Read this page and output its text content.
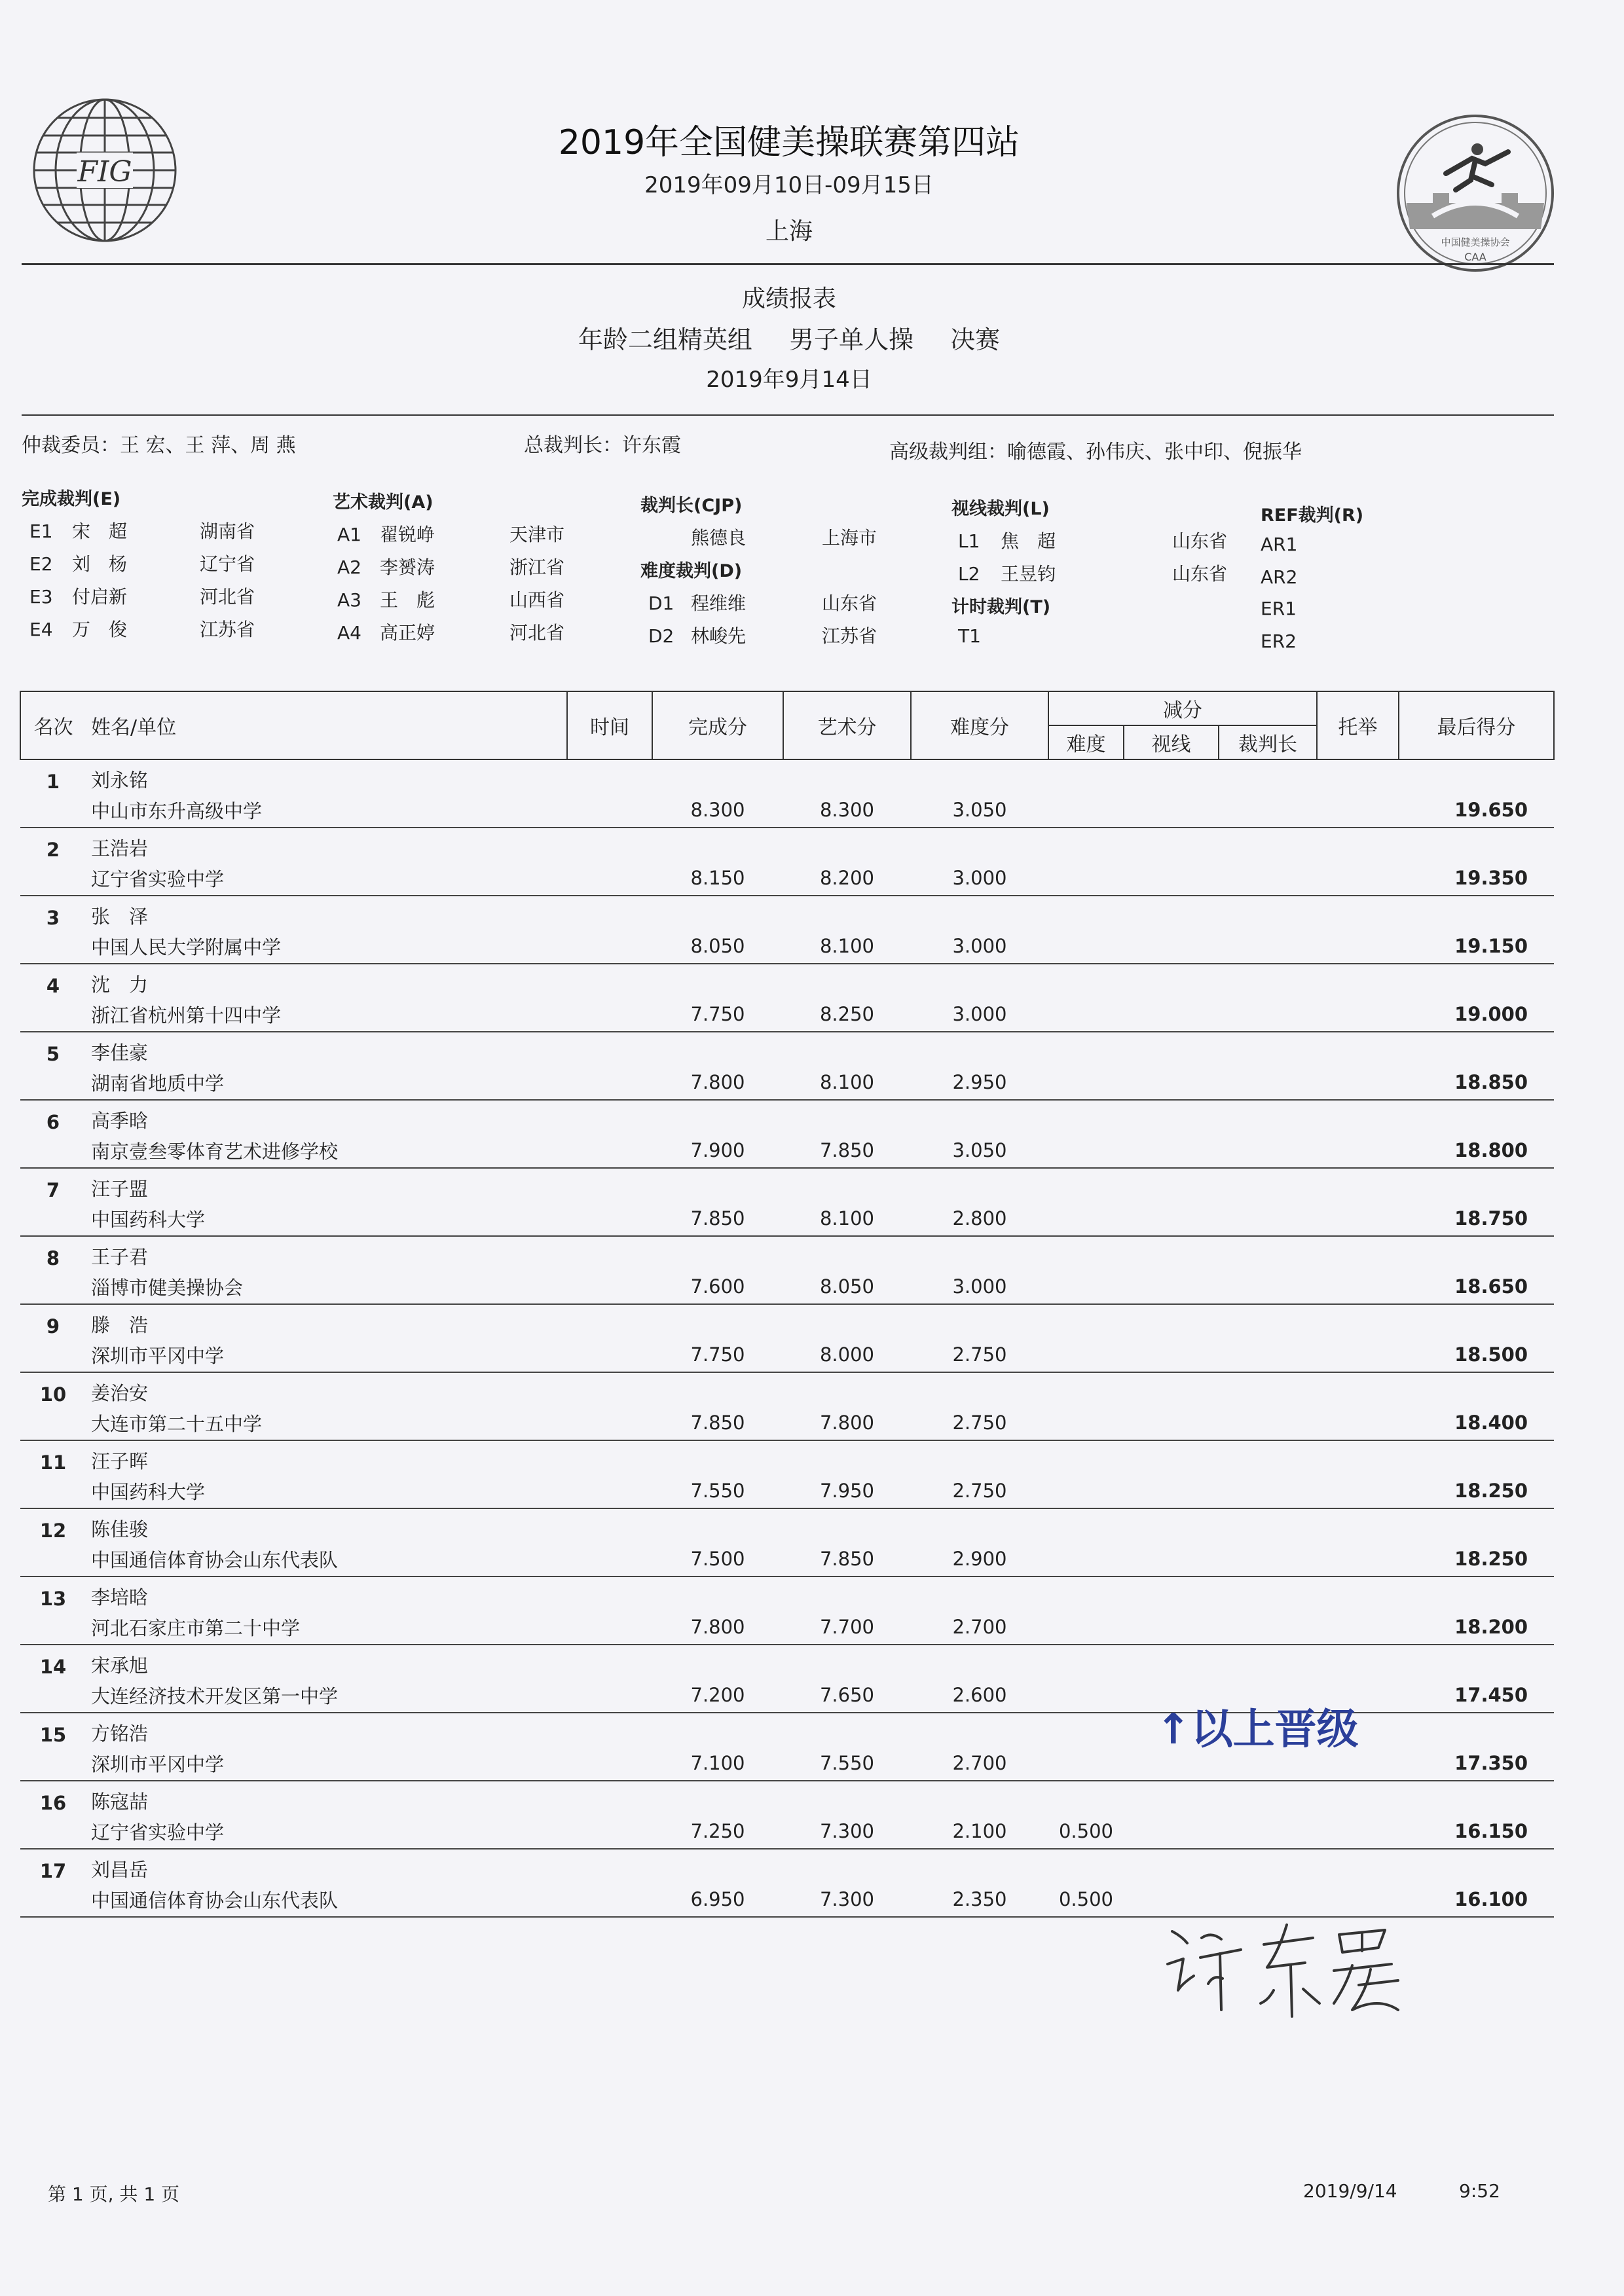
FIG
中国健美操协会
CAA
2019年全国健美操联赛第四站
2019年09月10日-09月15日
上海
成绩报表
年龄二组精英组 男子单人操 决赛
2019年9月14日
仲裁委员：王 宏、王 萍、周 燕	总裁判长：许东霞	高级裁判组：喻德霞、孙伟庆、张中印、倪振华
完成裁判(E)
E1 宋　超	湖南省
E2 刘　杨	辽宁省
E3 付启新	河北省
E4 万　俊	江苏省
艺术裁判(A)
A1 翟锐峥	天津市
A2 李赟涛	浙江省
A3 王　彪	山西省
A4 高正婷	河北省
裁判长(CJP)
熊德良	上海市
难度裁判(D)
D1 程维维	山东省
D2 林峻先	江苏省
视线裁判(L)
L1 焦　超	山东省
L2 王昱钧	山东省
计时裁判(T)
T1
REF裁判(R)
AR1
AR2
ER1
ER2
名次	姓名/单位	时间	完成分	艺术分	难度分	减分			托举	最后得分
						难度	视线	裁判长		
1	刘永铭									
	中山市东升高级中学		8.300	8.300	3.050					19.650
2	王浩岩									
	辽宁省实验中学		8.150	8.200	3.000					19.350
3	张　泽									
	中国人民大学附属中学		8.050	8.100	3.000					19.150
4	沈　力									
	浙江省杭州第十四中学		7.750	8.250	3.000					19.000
5	李佳豪									
	湖南省地质中学		7.800	8.100	2.950					18.850
6	高季晗									
	南京壹叁零体育艺术进修学校		7.900	7.850	3.050					18.800
7	汪子盟									
	中国药科大学		7.850	8.100	2.800					18.750
8	王子君									
	淄博市健美操协会		7.600	8.050	3.000					18.650
9	滕　浩									
	深圳市平冈中学		7.750	8.000	2.750					18.500
10	姜治安									
	大连市第二十五中学		7.850	7.800	2.750					18.400
11	汪子晖									
	中国药科大学		7.550	7.950	2.750					18.250
12	陈佳骏									
	中国通信体育协会山东代表队		7.500	7.850	2.900					18.250
13	李培晗									
	河北石家庄市第二十中学		7.800	7.700	2.700					18.200
14	宋承旭									
	大连经济技术开发区第一中学		7.200	7.650	2.600					17.450
15	方铭浩									
	深圳市平冈中学		7.100	7.550	2.700					17.350
16	陈寇喆									
	辽宁省实验中学		7.250	7.300	2.100	0.500				16.150
17	刘昌岳									
	中国通信体育协会山东代表队		6.950	7.300	2.350	0.500				16.100
↑以上晋级
第 1 页, 共 1 页	2019/9/14	9:52
